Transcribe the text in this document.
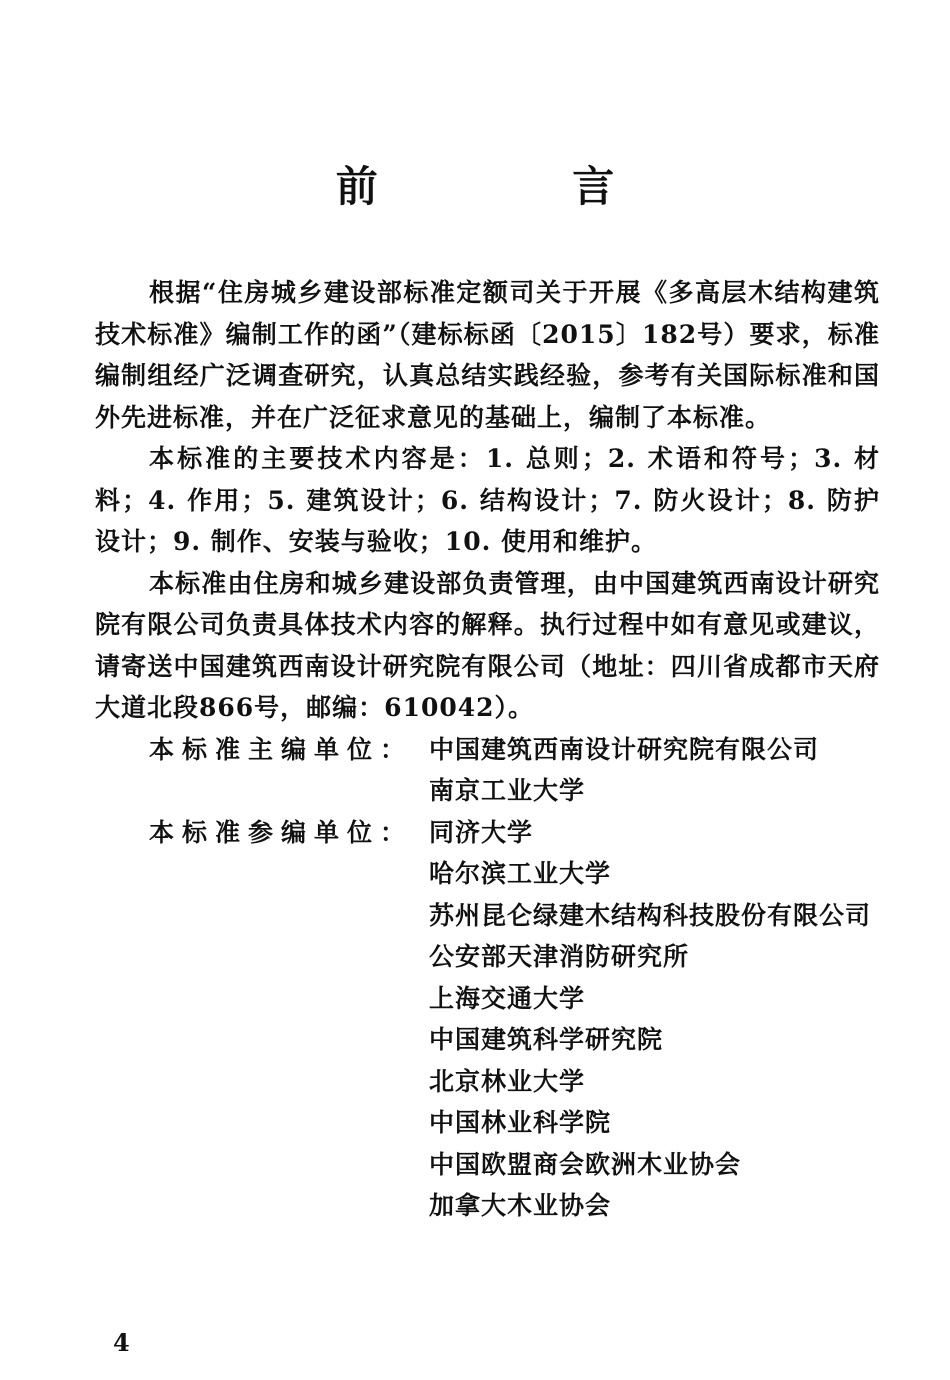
前 言

根据“住房城乡建设部标准定额司关于开展《多高层木结构建筑技术标准》编制工作的函”（建标标函〔2015〕182号）要求，标准编制组经广泛调查研究，认真总结实践经验，参考有关国际标准和国外先进标准，并在广泛征求意见的基础上，编制了本标准。

本标准的主要技术内容是：1. 总则；2. 术语和符号；3. 材料；4. 作用；5. 建筑设计；6. 结构设计；7. 防火设计；8. 防护设计；9. 制作、安装与验收；10. 使用和维护。

本标准由住房和城乡建设部负责管理，由中国建筑西南设计研究院有限公司负责具体技术内容的解释。执行过程中如有意见或建议，请寄送中国建筑西南设计研究院有限公司（地址：四川省成都市天府大道北段866号，邮编：610042）。

本标准主编单位： 中国建筑西南设计研究院有限公司
南京工业大学
本标准参编单位： 同济大学
哈尔滨工业大学
苏州昆仑绿建木结构科技股份有限公司
公安部天津消防研究所
上海交通大学
中国建筑科学研究院
北京林业大学
中国林业科学院
中国欧盟商会欧洲木业协会
加拿大木业协会
4
